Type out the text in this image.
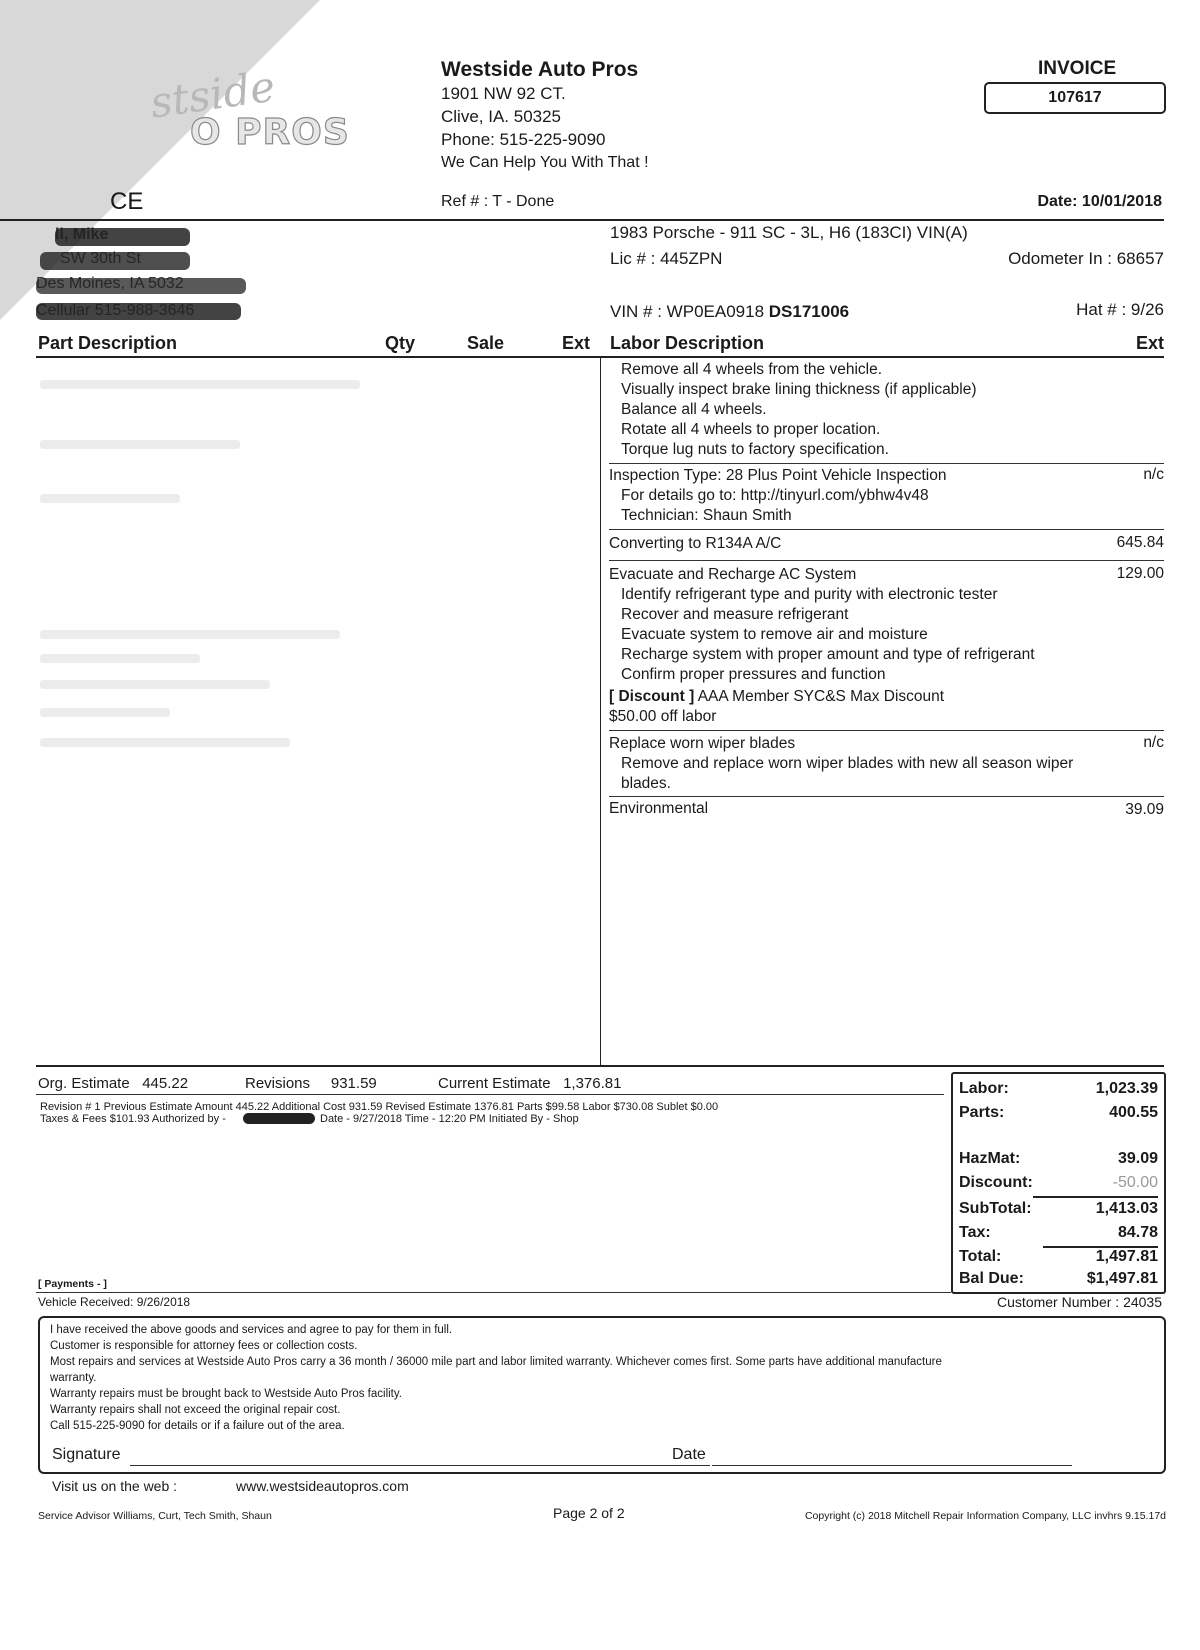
stside
O PROS
Westside Auto Pros
1901 NW 92 CT.
Clive, IA. 50325
Phone: 515-225-9090
We Can Help You With That !
INVOICE
107617
CE	Ref # : T - Done	Date: 10/01/2018
1983 Porsche - 911 SC - 3L, H6 (183CI) VIN(A)
Lic # : 445ZPN	Odometer In : 68657
VIN # : WP0EA0918 DS171006	Hat # : 9/26
Part Description	Qty	Sale	Ext Labor Description	Ext
Remove all 4 wheels from the vehicle.
Visually inspect brake lining thickness (if applicable)
Balance all 4 wheels.
Rotate all 4 wheels to proper location.
Torque lug nuts to factory specification.
Inspection Type: 28 Plus Point Vehicle Inspection	n/c
For details go to: http://tinyurl.com/ybhw4v48
Technician: Shaun Smith
Converting to R134A A/C	645.84
Evacuate and Recharge AC System	129.00
Identify refrigerant type and purity with electronic tester
Recover and measure refrigerant
Evacuate system to remove air and moisture
Recharge system with proper amount and type of refrigerant
Confirm proper pressures and function
[ Discount ] AAA Member SYC&S Max Discount
$50.00 off labor
Replace worn wiper blades	n/c
Remove and replace worn wiper blades with new all season wiper
blades.
Environmental	39.09
Org. Estimate 445.22	Revisions 931.59	Current Estimate 1,376.81
Revision # 1 Previous Estimate Amount 445.22 Additional Cost 931.59 Revised Estimate 1376.81 Parts $99.58 Labor $730.08 Sublet $0.00
Taxes & Fees $101.93 Authorized by -	Date - 9/27/2018 Time - 12:20 PM Initiated By - Shop
Labor:	1,023.39
Parts:	400.55
HazMat:	39.09
Discount:	-50.00
SubTotal:	1,413.03
Tax:	84.78
Total:	1,497.81
Bal Due:	$1,497.81
[ Payments - ]
Vehicle Received: 9/26/2018	Customer Number : 24035
I have received the above goods and services and agree to pay for them in full.
Customer is responsible for attorney fees or collection costs.
Most repairs and services at Westside Auto Pros carry a 36 month / 36000 mile part and labor limited warranty. Whichever comes first. Some parts have additional manufacture
warranty.
Warranty repairs must be brought back to Westside Auto Pros facility.
Warranty repairs shall not exceed the original repair cost.
Call 515-225-9090 for details or if a failure out of the area.
Signature	Date
Visit us on the web :	www.westsideautopros.com
Service Advisor Williams, Curt, Tech Smith, Shaun	Page 2 of 2	Copyright (c) 2018 Mitchell Repair Information Company, LLC invhrs 9.15.17d
